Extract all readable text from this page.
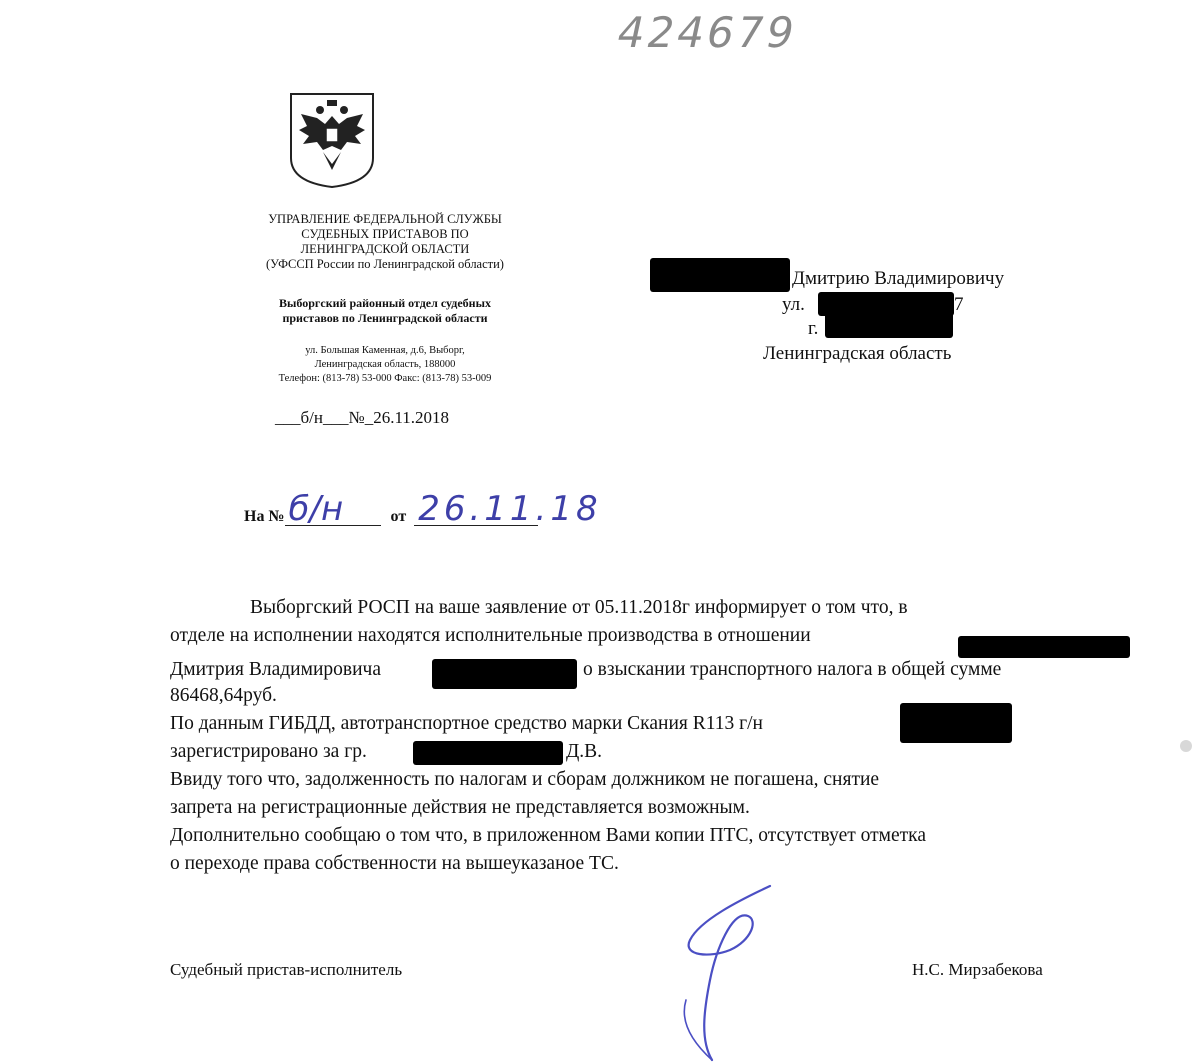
424679
УПРАВЛЕНИЕ ФЕДЕРАЛЬНОЙ СЛУЖБЫ
СУДЕБНЫХ ПРИСТАВОВ ПО
ЛЕНИНГРАДСКОЙ ОБЛАСТИ
(УФССП России по Ленинградской области)
Выборгский районный отдел судебных
приставов по Ленинградской области
ул. Большая Каменная, д.6, Выборг,
Ленинградская область, 188000
Телефон: (813-78) 53-000 Факс: (813-78) 53-009
___б/н___№_26.11.2018
Дмитрию Владимировичу
ул.	7
г.
Ленинградская область
На № б/н	от 26.11.18
Выборгский РОСП на ваше заявление от 05.11.2018г информирует о том что, в
отделе на исполнении находятся исполнительные производства в отношении
Дмитрия Владимировича	о взыскании транспортного налога в общей сумме
86468,64руб.
По данным ГИБДД, автотранспортное средство марки Скания R113 г/н
зарегистрировано за гр.	Д.В.
Ввиду того что, задолженность по налогам и сборам должником не погашена, снятие
запрета на регистрационные действия не представляется возможным.
Дополнительно сообщаю о том что, в приложенном Вами копии ПТС, отсутствует отметка
о переходе права собственности на вышеуказаное ТС.
Судебный пристав-исполнитель	Н.С. Мирзабекова
